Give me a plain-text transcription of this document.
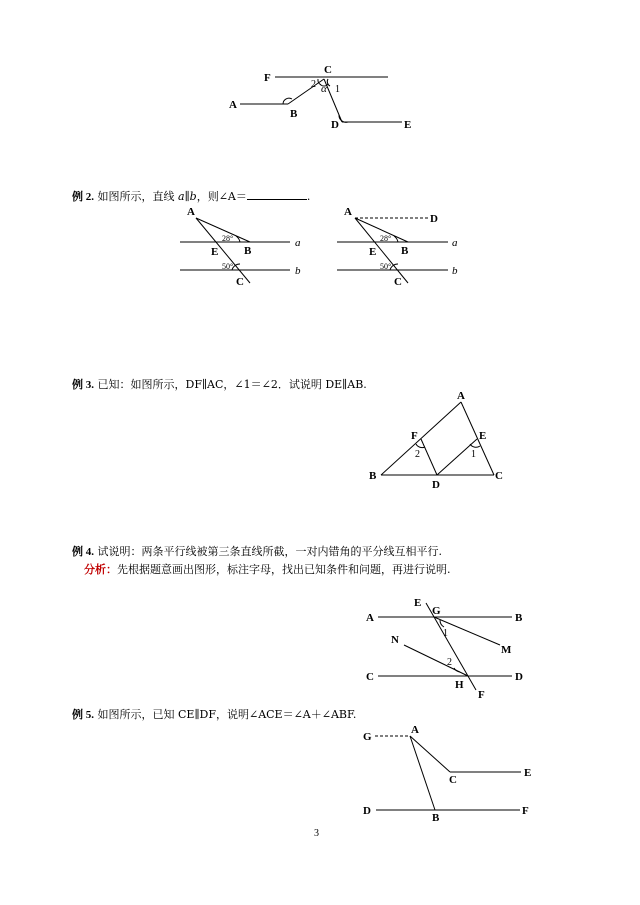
F
C
A
B
D	E
2 α 1
A
B
E
C
a
b
28°
50°
A
D
B
E
C
a
b
28°
50°
A
B	C
D
E
F
1
2
E
G
A	B
N
M
C	D
H
F
1
2
G
A
C
E
D
B
F
例 2. 如图所示，直线 a∥b，则∠A＝	.
例 3. 已知：如图所示，DF∥AC，∠1＝∠2．试说明 DE∥AB.
例 4. 试说明：两条平行线被第三条直线所截，一对内错角的平分线互相平行.
分析：先根据题意画出图形，标注字母，找出已知条件和问题，再进行说明.
例 5. 如图所示，已知 CE∥DF，说明∠ACE＝∠A＋∠ABF.
3
